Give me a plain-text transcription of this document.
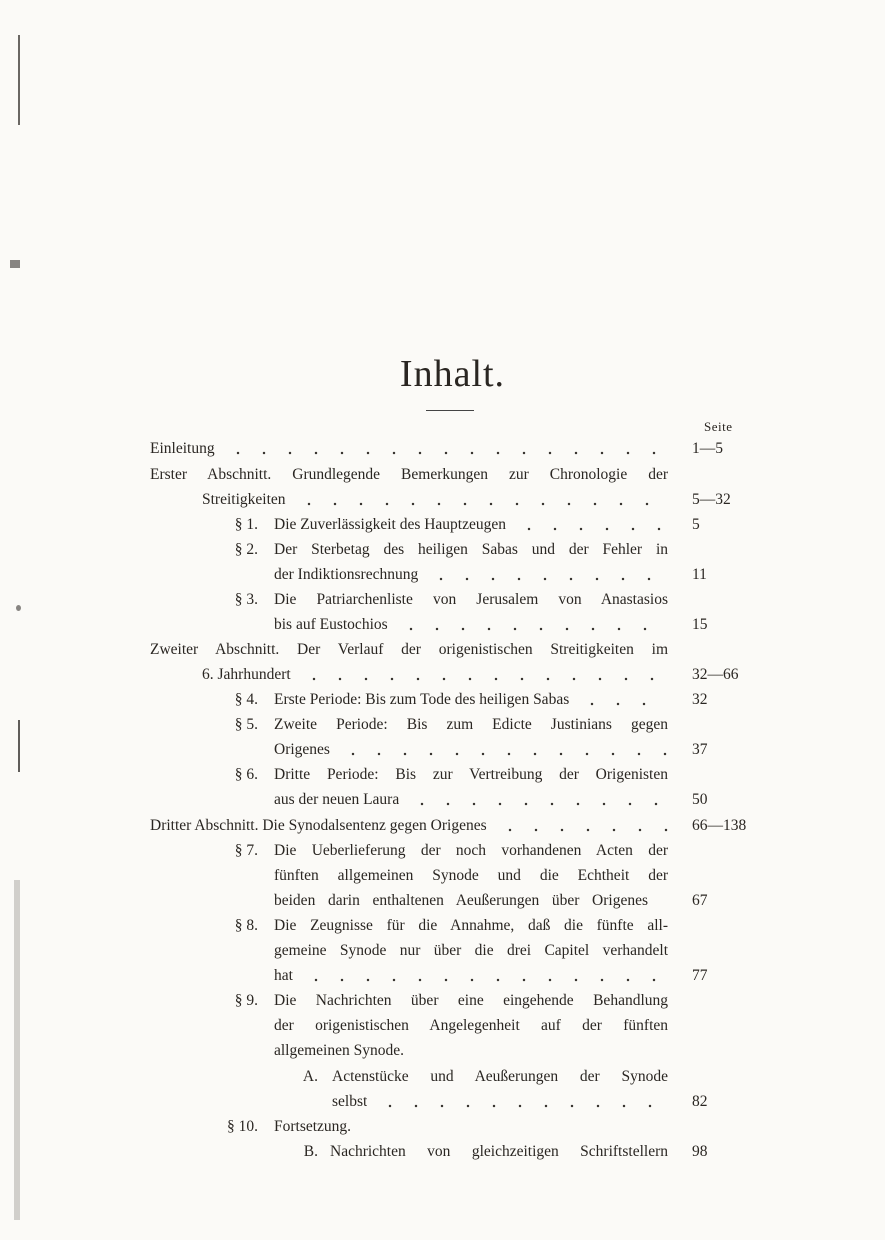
Inhalt.
Seite
Einleitung	1—5
Erster Abschnitt. Grundlegende Bemerkungen zur Chronologie der
Streitigkeiten	5—32
§ 1. Die Zuverlässigkeit des Hauptzeugen	5
§ 2. Der Sterbetag des heiligen Sabas und der Fehler in
der Indiktionsrechnung	11
§ 3. Die Patriarchenliste von Jerusalem von Anastasios
bis auf Eustochios	15
Zweiter Abschnitt. Der Verlauf der origenistischen Streitigkeiten im
6. Jahrhundert	32—66
§ 4. Erste Periode: Bis zum Tode des heiligen Sabas	32
§ 5. Zweite Periode: Bis zum Edicte Justinians gegen
Origenes	37
§ 6. Dritte Periode: Bis zur Vertreibung der Origenisten
aus der neuen Laura	50
Dritter Abschnitt. Die Synodalsentenz gegen Origenes	66—138
§ 7. Die Ueberlieferung der noch vorhandenen Acten der
fünften allgemeinen Synode und die Echtheit der
beiden darin enthaltenen Aeußerungen über Origenes	67
§ 8. Die Zeugnisse für die Annahme, daß die fünfte all-
gemeine Synode nur über die drei Capitel verhandelt
hat	77
§ 9. Die Nachrichten über eine eingehende Behandlung
der origenistischen Angelegenheit auf der fünften
allgemeinen Synode.
A. Actenstücke und Aeußerungen der Synode
selbst	82
§ 10. Fortsetzung.
B. Nachrichten von gleichzeitigen Schriftstellern 98
